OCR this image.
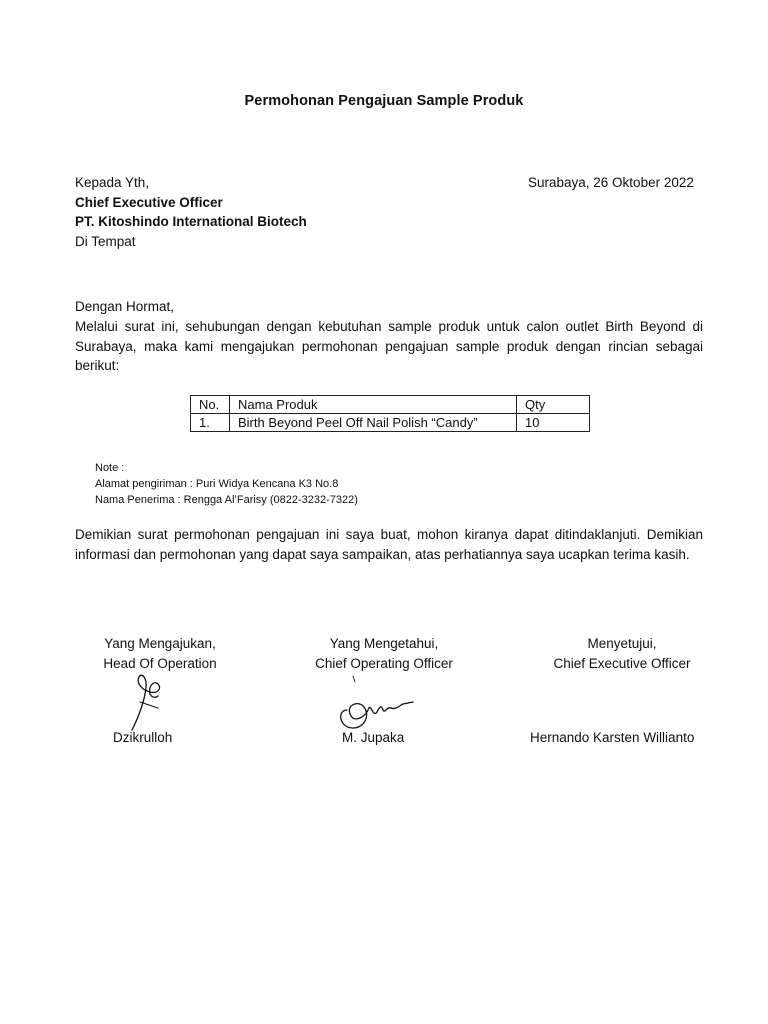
Permohonan Pengajuan Sample Produk
Kepada Yth,
Chief Executive Officer
PT. Kitoshindo International Biotech
Di Tempat
Surabaya, 26 Oktober 2022
Dengan Hormat,
Melalui surat ini, sehubungan dengan kebutuhan sample produk untuk calon outlet Birth Beyond di Surabaya, maka kami mengajukan permohonan pengajuan sample produk dengan rincian sebagai berikut:
No.	Nama Produk	Qty
1.	Birth Beyond Peel Off Nail Polish “Candy”	10
Note :
Alamat pengiriman : Puri Widya Kencana K3 No.8
Nama Penerima : Rengga Al’Farisy (0822-3232-7322)
Demikian surat permohonan pengajuan ini saya buat, mohon kiranya dapat ditindaklanjuti. Demikian informasi dan permohonan yang dapat saya sampaikan, atas perhatiannya saya ucapkan terima kasih.
Yang Mengajukan,
Head Of Operation
Yang Mengetahui,
Chief Operating Officer
Menyetujui,
Chief Executive Officer
Dzikrulloh	M. Jupaka	Hernando Karsten Willianto
